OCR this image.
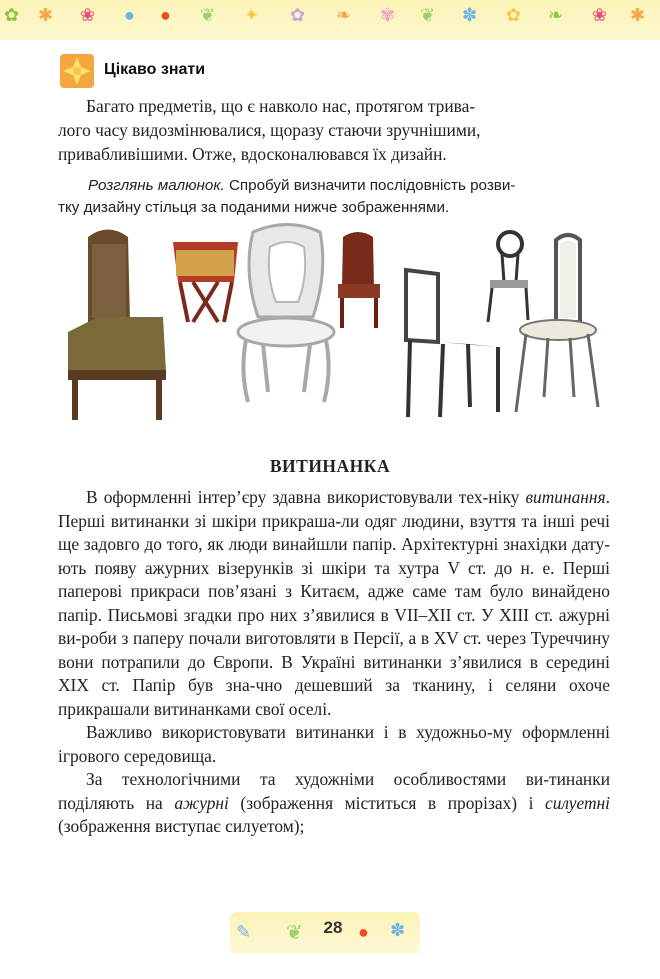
✿ ✱ ❀ ● ● ❦ ✦ ✿ ❧ ✾ ❦ ✽ ✿ ❧ ❀ ✱
Цікаво знати
Багато предметів, що є навколо нас, протягом трива-
лого часу видозмінювалися, щоразу стаючи зручнішими,
привабливішими. Отже, вдосконалювався їх дизайн.
Розглянь малюнок. Спробуй визначити послідовність розви-
тку дизайну стільця за поданими нижче зображеннями.
ВИТИНАНКА

В оформленні інтер’єру здавна використовували тех-ніку витинання. Перші витинанки зі шкіри прикраша-ли одяг людини, взуття та інші речі ще задовго до того, як люди винайшли папір. Архітектурні знахідки дату-ють появу ажурних візерунків зі шкіри та хутра V ст. до н. е. Перші паперові прикраси пов’язані з Китаєм, адже саме там було винайдено папір. Письмові згадки про них з’явилися в VII–XII ст. У XIII ст. ажурні ви-роби з паперу почали виготовляти в Персії, а в XV ст. через Туреччину вони потрапили до Європи. В Україні витинанки з’явилися в середині XIX ст. Папір був зна-чно дешевший за тканину, і селяни охоче прикрашали витинанками свої оселі.

Важливо використовувати витинанки і в художньо-му оформленні ігрового середовища.

За технологічними та художніми особливостями ви-тинанки поділяють на ажурні (зображення міститься в прорізах) і силуетні (зображення виступає силуетом);

✎ ❦	● ✽
28
